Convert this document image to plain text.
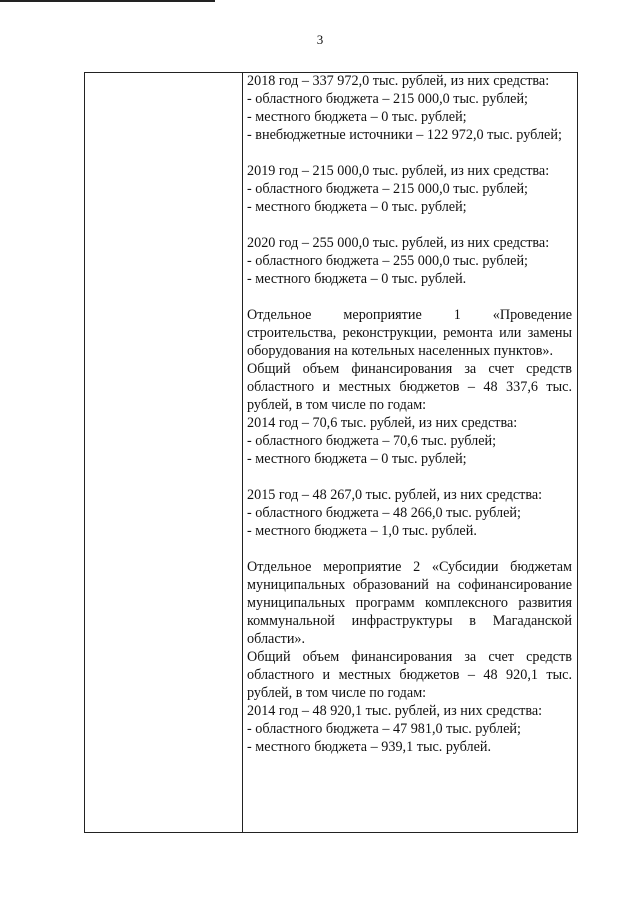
3

2018 год – 337 972,0 тыс. рублей, из них средства:

- областного бюджета – 215 000,0 тыс. рублей;

- местного бюджета – 0 тыс. рублей;

- внебюджетные источники – 122 972,0 тыс. рублей;

2019 год – 215 000,0 тыс. рублей, из них средства:

- областного бюджета – 215 000,0 тыс. рублей;

- местного бюджета – 0 тыс. рублей;

2020 год – 255 000,0 тыс. рублей, из них средства:

- областного бюджета – 255 000,0 тыс. рублей;

- местного бюджета – 0 тыс. рублей.

Отдельное мероприятие 1 «Проведение строительства, реконструкции, ремонта или замены оборудования на котельных населенных пунктов».

Общий объем финансирования за счет средств областного и местных бюджетов – 48 337,6 тыс. рублей, в том числе по годам:

2014 год – 70,6 тыс. рублей, из них средства:

- областного бюджета – 70,6 тыс. рублей;

- местного бюджета – 0 тыс. рублей;

2015 год – 48 267,0 тыс. рублей, из них средства:

- областного бюджета – 48 266,0 тыс. рублей;

- местного бюджета – 1,0 тыс. рублей.

Отдельное мероприятие 2 «Субсидии бюджетам муниципальных образований на софинансирование муниципальных программ комплексного развития коммунальной инфраструктуры в Магаданской области».

Общий объем финансирования за счет средств областного и местных бюджетов – 48 920,1 тыс. рублей, в том числе по годам:

2014 год – 48 920,1 тыс. рублей, из них средства:

- областного бюджета – 47 981,0 тыс. рублей;

- местного бюджета – 939,1 тыс. рублей.
